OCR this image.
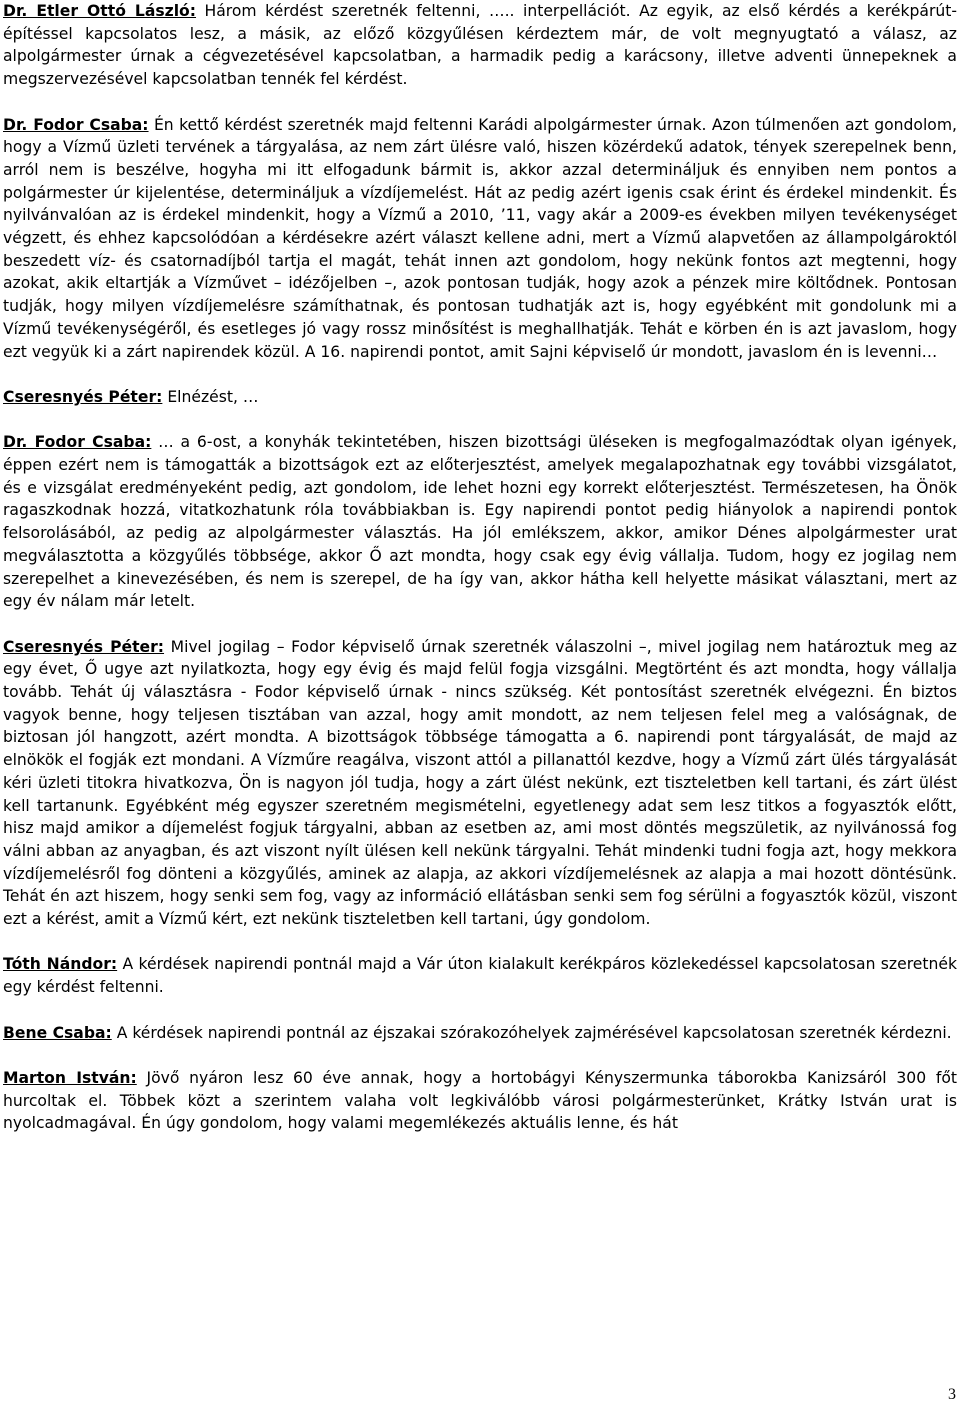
Dr. Etler Ottó László: Három kérdést szeretnék feltenni, ….. interpellációt. Az egyik, az első kérdés a kerékpárút-építéssel kapcsolatos lesz, a másik, az előző közgyűlésen kérdeztem már, de volt megnyugtató a válasz, az alpolgármester úrnak a cégvezetésével kapcsolatban, a harmadik pedig a karácsony, illetve adventi ünnepeknek a megszervezésével kapcsolatban tennék fel kérdést.

Dr. Fodor Csaba: Én kettő kérdést szeretnék majd feltenni Karádi alpolgármester úrnak. Azon túlmenően azt gondolom, hogy a Vízmű üzleti tervének a tárgyalása, az nem zárt ülésre való, hiszen közérdekű adatok, tények szerepelnek benn, arról nem is beszélve, hogyha mi itt elfogadunk bármit is, akkor azzal determináljuk és ennyiben nem pontos a polgármester úr kijelentése, determináljuk a vízdíjemelést. Hát az pedig azért igenis csak érint és érdekel mindenkit. És nyilvánvalóan az is érdekel mindenkit, hogy a Vízmű a 2010, ’11, vagy akár a 2009-es években milyen tevékenységet végzett, és ehhez kapcsolódóan a kérdésekre azért választ kellene adni, mert a Vízmű alapvetően az állampolgároktól beszedett víz- és csatornadíjból tartja el magát, tehát innen azt gondolom, hogy nekünk fontos azt megtenni, hogy azokat, akik eltartják a Vízművet – idézőjelben –, azok pontosan tudják, hogy azok a pénzek mire költődnek. Pontosan tudják, hogy milyen vízdíjemelésre számíthatnak, és pontosan tudhatják azt is, hogy egyébként mit gondolunk mi a Vízmű tevékenységéről, és esetleges jó vagy rossz minősítést is meghallhatják. Tehát e körben én is azt javaslom, hogy ezt vegyük ki a zárt napirendek közül. A 16. napirendi pontot, amit Sajni képviselő úr mondott, javaslom én is levenni…

Cseresnyés Péter: Elnézést, …

Dr. Fodor Csaba: … a 6-ost, a konyhák tekintetében, hiszen bizottsági üléseken is megfogalmazódtak olyan igények, éppen ezért nem is támogatták a bizottságok ezt az előterjesztést, amelyek megalapozhatnak egy további vizsgálatot, és e vizsgálat eredményeként pedig, azt gondolom, ide lehet hozni egy korrekt előterjesztést. Természetesen, ha Önök ragaszkodnak hozzá, vitatkozhatunk róla továbbiakban is. Egy napirendi pontot pedig hiányolok a napirendi pontok felsorolásából, az pedig az alpolgármester választás. Ha jól emlékszem, akkor, amikor Dénes alpolgármester urat megválasztotta a közgyűlés többsége, akkor Ő azt mondta, hogy csak egy évig vállalja. Tudom, hogy ez jogilag nem szerepelhet a kinevezésében, és nem is szerepel, de ha így van, akkor hátha kell helyette másikat választani, mert az egy év nálam már letelt.

Cseresnyés Péter: Mivel jogilag – Fodor képviselő úrnak szeretnék válaszolni –, mivel jogilag nem határoztuk meg az egy évet, Ő ugye azt nyilatkozta, hogy egy évig és majd felül fogja vizsgálni. Megtörtént és azt mondta, hogy vállalja tovább. Tehát új választásra - Fodor képviselő úrnak - nincs szükség. Két pontosítást szeretnék elvégezni. Én biztos vagyok benne, hogy teljesen tisztában van azzal, hogy amit mondott, az nem teljesen felel meg a valóságnak, de biztosan jól hangzott, azért mondta. A bizottságok többsége támogatta a 6. napirendi pont tárgyalását, de majd az elnökök el fogják ezt mondani. A Vízműre reagálva, viszont attól a pillanattól kezdve, hogy a Vízmű zárt ülés tárgyalását kéri üzleti titokra hivatkozva, Ön is nagyon jól tudja, hogy a zárt ülést nekünk, ezt tiszteletben kell tartani, és zárt ülést kell tartanunk. Egyébként még egyszer szeretném megismételni, egyetlenegy adat sem lesz titkos a fogyasztók előtt, hisz majd amikor a díjemelést fogjuk tárgyalni, abban az esetben az, ami most döntés megszületik, az nyilvánossá fog válni abban az anyagban, és azt viszont nyílt ülésen kell nekünk tárgyalni. Tehát mindenki tudni fogja azt, hogy mekkora vízdíjemelésről fog dönteni a közgyűlés, aminek az alapja, az akkori vízdíjemelésnek az alapja a mai hozott döntésünk. Tehát én azt hiszem, hogy senki sem fog, vagy az információ ellátásban senki sem fog sérülni a fogyasztók közül, viszont ezt a kérést, amit a Vízmű kért, ezt nekünk tiszteletben kell tartani, úgy gondolom.

Tóth Nándor: A kérdések napirendi pontnál majd a Vár úton kialakult kerékpáros közlekedéssel kapcsolatosan szeretnék egy kérdést feltenni.

Bene Csaba: A kérdések napirendi pontnál az éjszakai szórakozóhelyek zajmérésével kapcsolatosan szeretnék kérdezni.

Marton István: Jövő nyáron lesz 60 éve annak, hogy a hortobágyi Kényszermunka táborokba Kanizsáról 300 főt hurcoltak el. Többek közt a szerintem valaha volt legkiválóbb városi polgármesterünket, Krátky István urat is nyolcadmagával. Én úgy gondolom, hogy valami megemlékezés aktuális lenne, és hát

3
